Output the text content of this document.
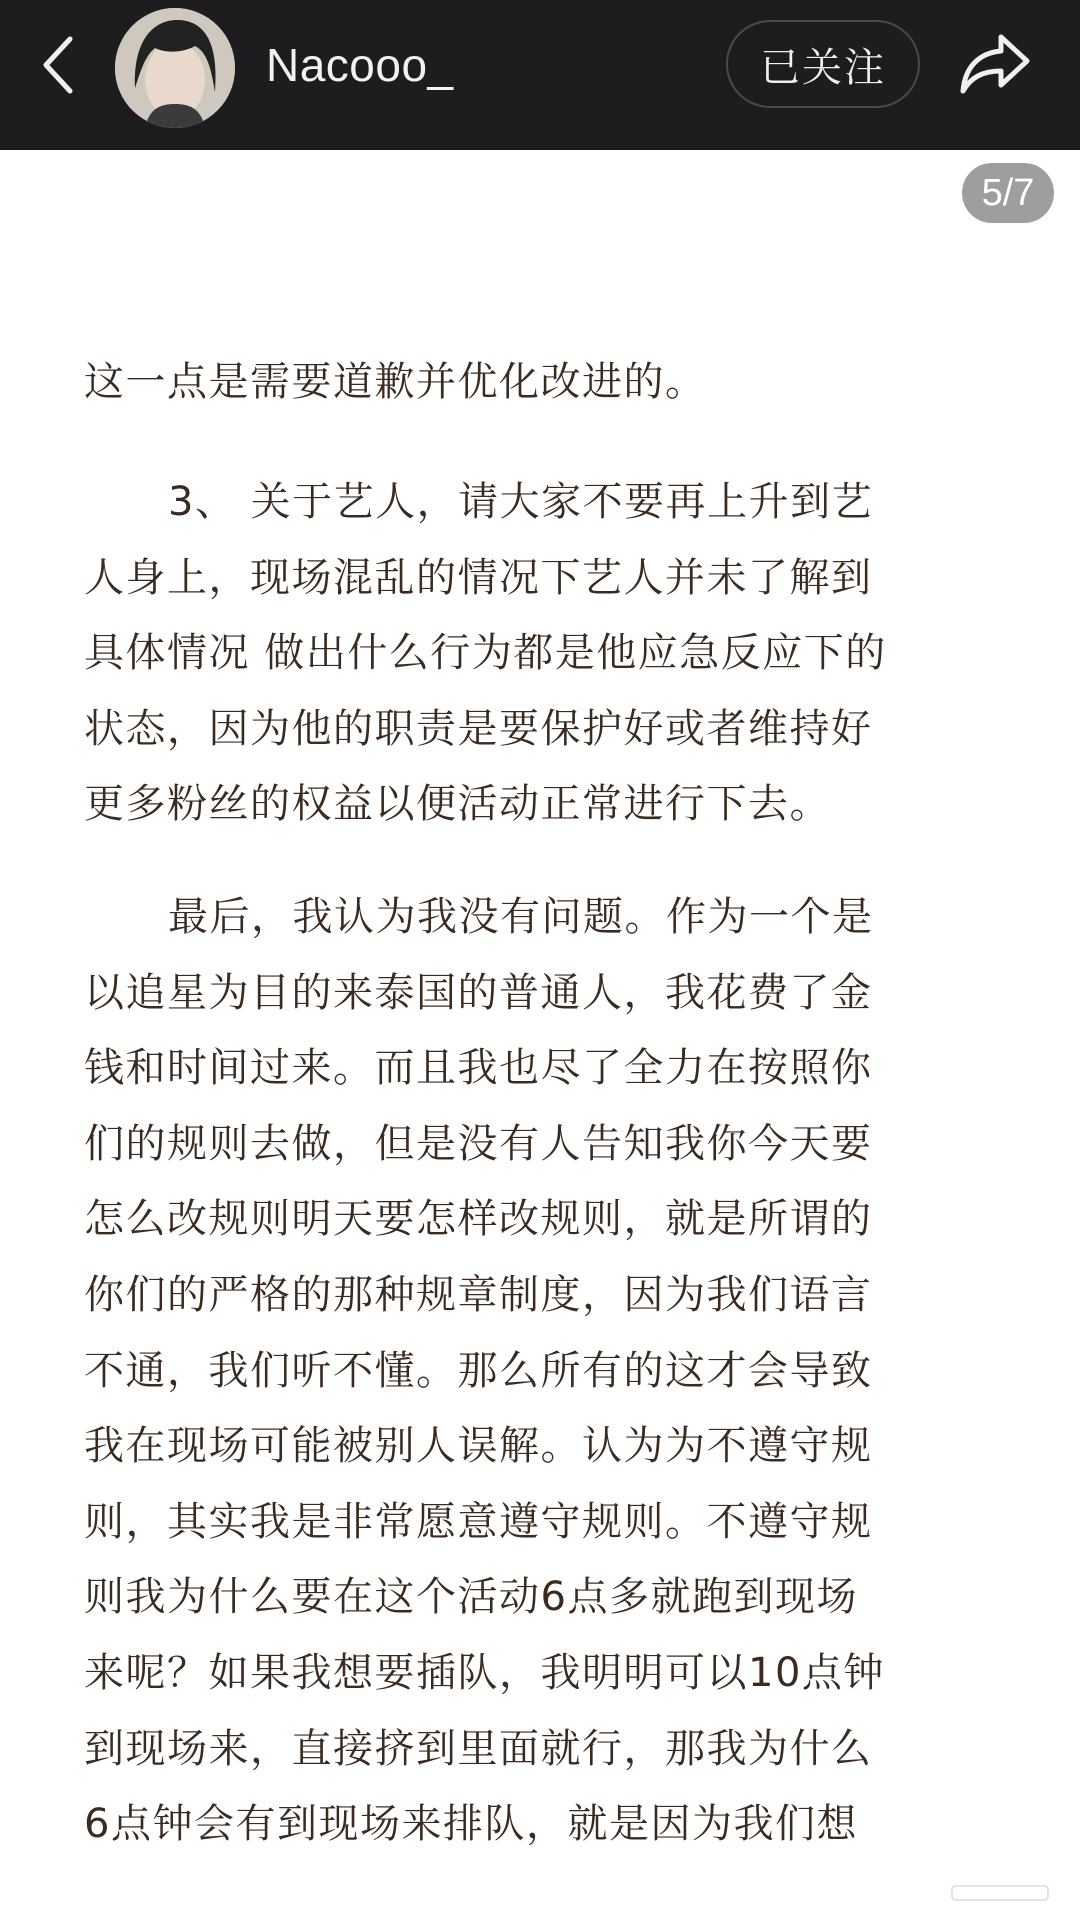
Nacooo_	已关注
5/7
这一点是需要道歉并优化改进的。
3、 关于艺人，请大家不要再上升到艺
人身上，现场混乱的情况下艺人并未了解到
具体情况 做出什么行为都是他应急反应下的
状态，因为他的职责是要保护好或者维持好
更多粉丝的权益以便活动正常进行下去。
最后，我认为我没有问题。作为一个是
以追星为目的来泰国的普通人，我花费了金
钱和时间过来。而且我也尽了全力在按照你
们的规则去做，但是没有人告知我你今天要
怎么改规则明天要怎样改规则，就是所谓的
你们的严格的那种规章制度，因为我们语言
不通，我们听不懂。那么所有的这才会导致
我在现场可能被别人误解。认为为不遵守规
则，其实我是非常愿意遵守规则。不遵守规
则我为什么要在这个活动6点多就跑到现场
来呢？如果我想要插队，我明明可以10点钟
到现场来，直接挤到里面就行，那我为什么
6点钟会有到现场来排队，就是因为我们想
